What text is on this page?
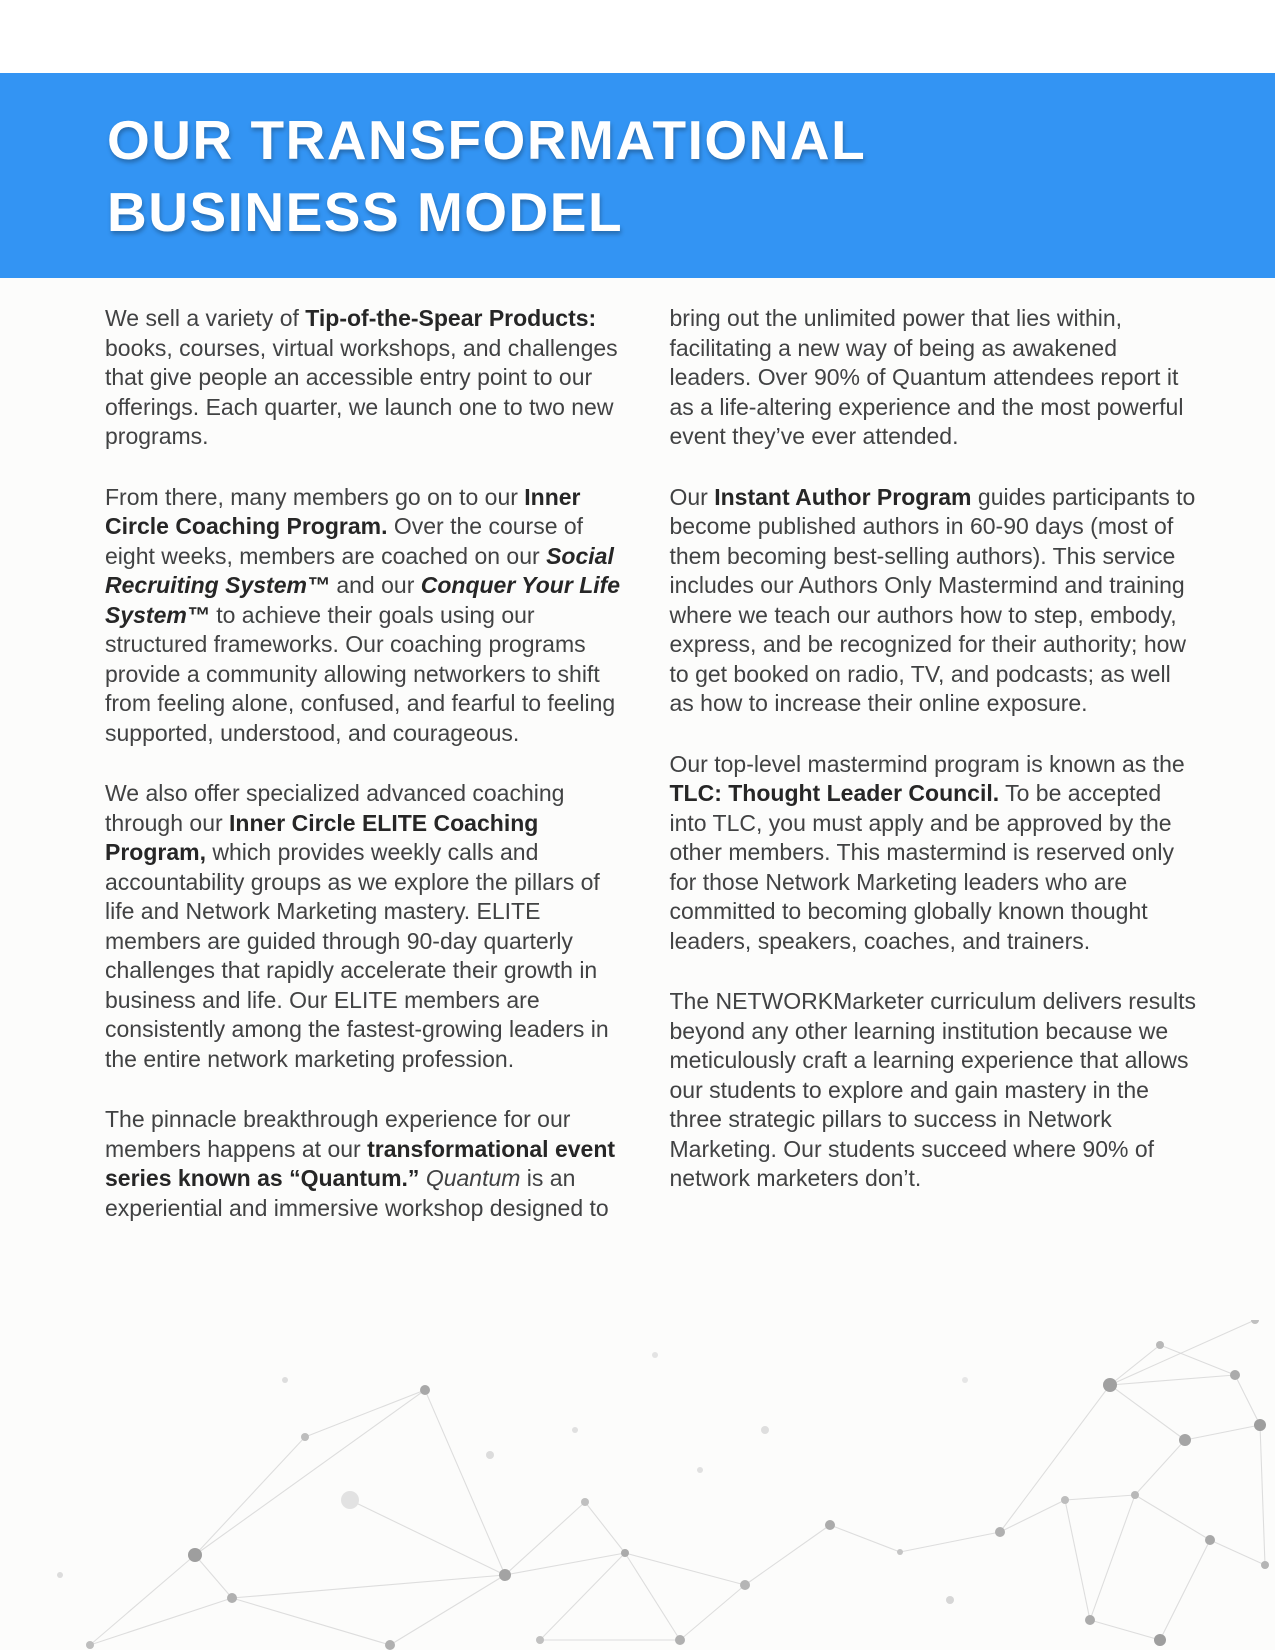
OUR TRANSFORMATIONAL
BUSINESS MODEL

We sell a variety of Tip-of-the-Spear Products: books, courses, virtual workshops, and challenges that give people an accessible entry point to our offerings. Each quarter, we launch one to two new programs.

From there, many members go on to our Inner Circle Coaching Program. Over the course of eight weeks, members are coached on our Social Recruiting System™ and our Conquer Your Life System™ to achieve their goals using our structured frameworks. Our coaching programs provide a community allowing networkers to shift from feeling alone, confused, and fearful to feeling supported, understood, and courageous.

We also offer specialized advanced coaching through our Inner Circle ELITE Coaching Program, which provides weekly calls and accountability groups as we explore the pillars of life and Network Marketing mastery. ELITE members are guided through 90-day quarterly challenges that rapidly accelerate their growth in business and life. Our ELITE members are consistently among the fastest-growing leaders in the entire network marketing profession.

The pinnacle breakthrough experience for our members happens at our transformational event series known as “Quantum.” Quantum is an experiential and immersive workshop designed to

bring out the unlimited power that lies within, facilitating a new way of being as awakened leaders. Over 90% of Quantum attendees report it as a life-altering experience and the most powerful event they’ve ever attended.

Our Instant Author Program guides participants to become published authors in 60-90 days (most of them becoming best-selling authors). This service includes our Authors Only Mastermind and training where we teach our authors how to step, embody, express, and be recognized for their authority; how to get booked on radio, TV, and podcasts; as well as how to increase their online exposure.

Our top-level mastermind program is known as the TLC: Thought Leader Council. To be accepted into TLC, you must apply and be approved by the other members. This mastermind is reserved only for those Network Marketing leaders who are committed to becoming globally known thought leaders, speakers, coaches, and trainers.

The NETWORKMarketer curriculum delivers results beyond any other learning institution because we meticulously craft a learning experience that allows our students to explore and gain mastery in the three strategic pillars to success in Network Marketing. Our students succeed where 90% of network marketers don’t.
